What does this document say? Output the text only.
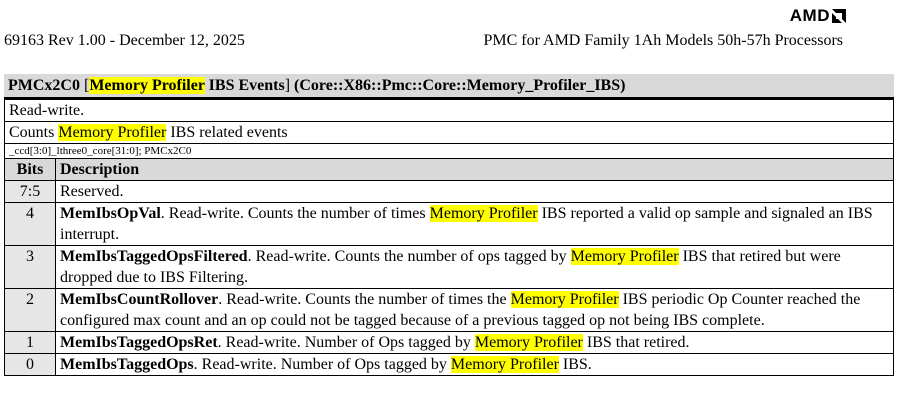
AMD
69163 Rev 1.00 - December 12, 2025	PMC for AMD Family 1Ah Models 50h-57h Processors
PMCx2C0 [Memory Profiler IBS Events] (Core::X86::Pmc::Core::Memory_Profiler_IBS)
Read-write.
Counts Memory Profiler IBS related events
_ccd[3:0]_lthree0_core[31:0]; PMCx2C0
Bits	Description
7:5	Reserved.
4	MemIbsOpVal. Read-write. Counts the number of times Memory Profiler IBS reported a valid op sample and signaled an IBS interrupt.
3	MemIbsTaggedOpsFiltered. Read-write. Counts the number of ops tagged by Memory Profiler IBS that retired but were dropped due to IBS Filtering.
2	MemIbsCountRollover. Read-write. Counts the number of times the Memory Profiler IBS periodic Op Counter reached the configured max count and an op could not be tagged because of a previous tagged op not being IBS complete.
1	MemIbsTaggedOpsRet. Read-write. Number of Ops tagged by Memory Profiler IBS that retired.
0	MemIbsTaggedOps. Read-write. Number of Ops tagged by Memory Profiler IBS.
